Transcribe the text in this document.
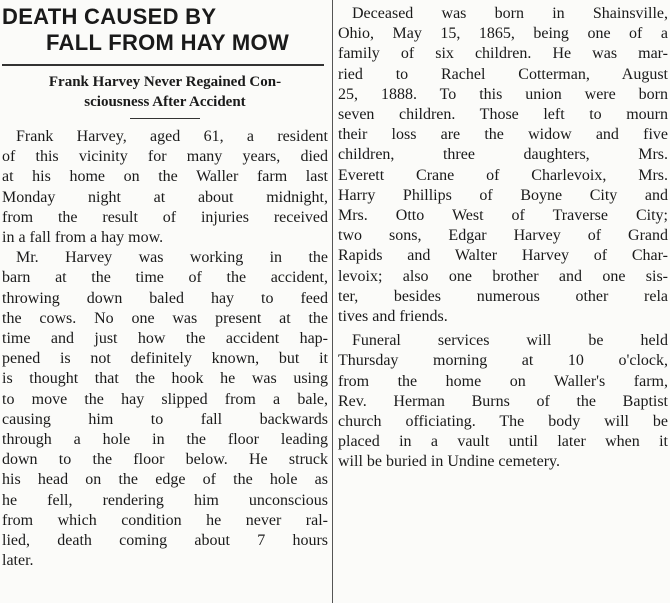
DEATH CAUSED BY
FALL FROM HAY MOW
Frank Harvey Never Regained Con-
sciousness After Accident

Frank Harvey, aged 61, a resident
of this vicinity for many years, died
at his home on the Waller farm last
Monday night at about midnight,
from the result of injuries received
in a fall from a hay mow.

Mr. Harvey was working in the
barn at the time of the accident,
throwing down baled hay to feed
the cows. No one was present at the
time and just how the accident hap-
pened is not definitely known, but it
is thought that the hook he was using
to move the hay slipped from a bale,
causing him to fall backwards
through a hole in the floor leading
down to the floor below. He struck
his head on the edge of the hole as
he fell, rendering him unconscious
from which condition he never ral-
lied, death coming about 7 hours
later.

Deceased was born in Shainsville,
Ohio, May 15, 1865, being one of a
family of six children. He was mar-
ried to Rachel Cotterman, August
25, 1888. To this union were born
seven children. Those left to mourn
their loss are the widow and five
children, three daughters, Mrs.
Everett Crane of Charlevoix, Mrs.
Harry Phillips of Boyne City and
Mrs. Otto West of Traverse City;
two sons, Edgar Harvey of Grand
Rapids and Walter Harvey of Char-
levoix; also one brother and one sis-
ter, besides numerous other rela
tives and friends.

Funeral services will be held
Thursday morning at 10 o'clock,
from the home on Waller's farm,
Rev. Herman Burns of the Baptist
church officiating. The body will be
placed in a vault until later when it
will be buried in Undine cemetery.
